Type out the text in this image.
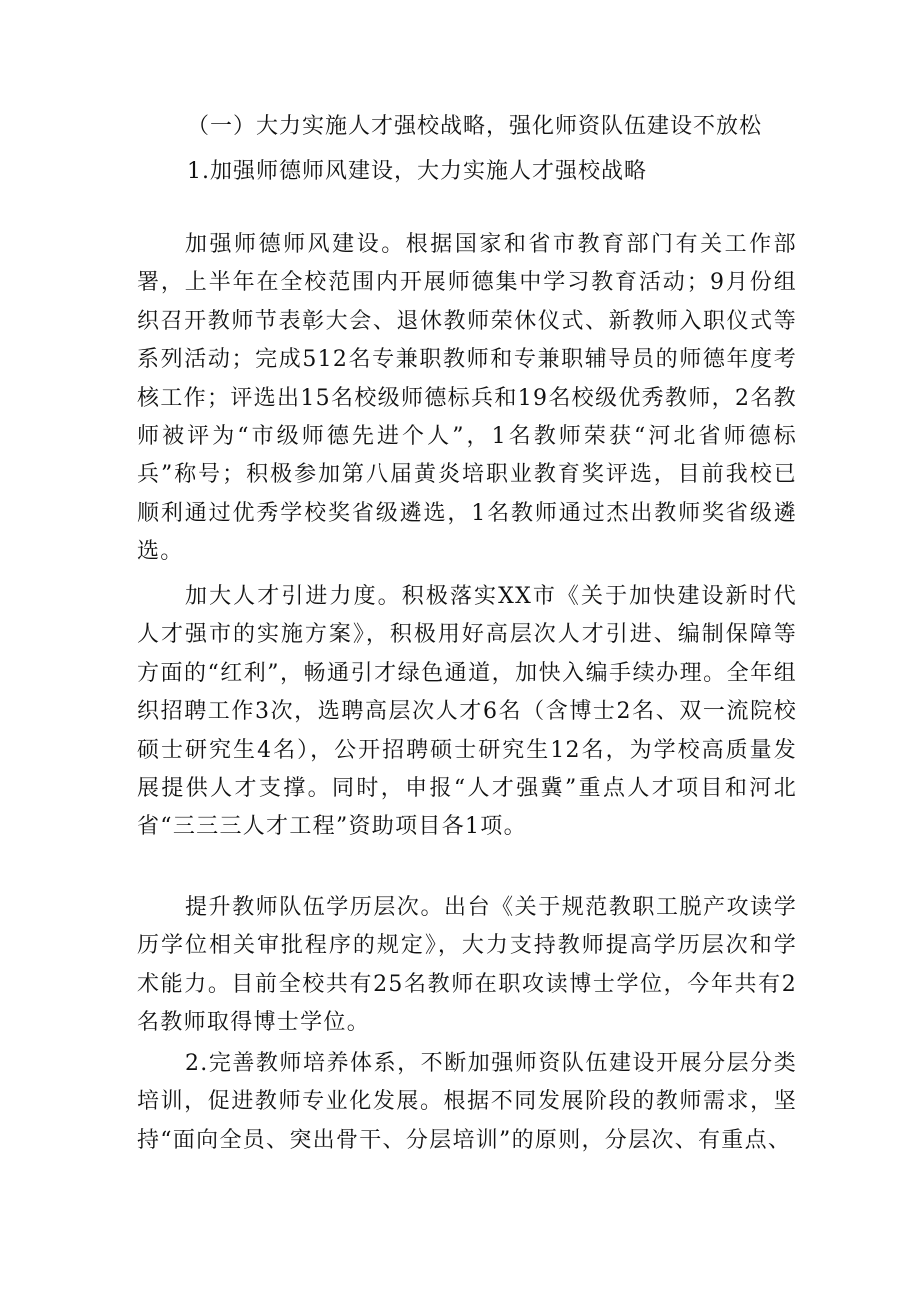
（一）大力实施人才强校战略，强化师资队伍建设不放松
1.加强师德师风建设，大力实施人才强校战略

加强师德师风建设。根据国家和省市教育部门有关工作部署，上半年在全校范围内开展师德集中学习教育活动；9月份组织召开教师节表彰大会、退休教师荣休仪式、新教师入职仪式等系列活动；完成512名专兼职教师和专兼职辅导员的师德年度考核工作；评选出15名校级师德标兵和19名校级优秀教师，2名教师被评为“市级师德先进个人”，1名教师荣获“河北省师德标兵”称号；积极参加第八届黄炎培职业教育奖评选，目前我校已顺利通过优秀学校奖省级遴选，1名教师通过杰出教师奖省级遴选。

加大人才引进力度。积极落实XX市《关于加快建设新时代人才强市的实施方案》，积极用好高层次人才引进、编制保障等方面的“红利”，畅通引才绿色通道，加快入编手续办理。全年组织招聘工作3次，选聘高层次人才6名（含博士2名、双一流院校硕士研究生4名），公开招聘硕士研究生12名，为学校高质量发展提供人才支撑。同时，申报“人才强冀”重点人才项目和河北省“三三三人才工程”资助项目各1项。

提升教师队伍学历层次。出台《关于规范教职工脱产攻读学历学位相关审批程序的规定》，大力支持教师提高学历层次和学术能力。目前全校共有25名教师在职攻读博士学位，今年共有2名教师取得博士学位。

2.完善教师培养体系，不断加强师资队伍建设开展分层分类培训，促进教师专业化发展。根据不同发展阶段的教师需求，坚持“面向全员、突出骨干、分层培训”的原则，分层次、有重点、
